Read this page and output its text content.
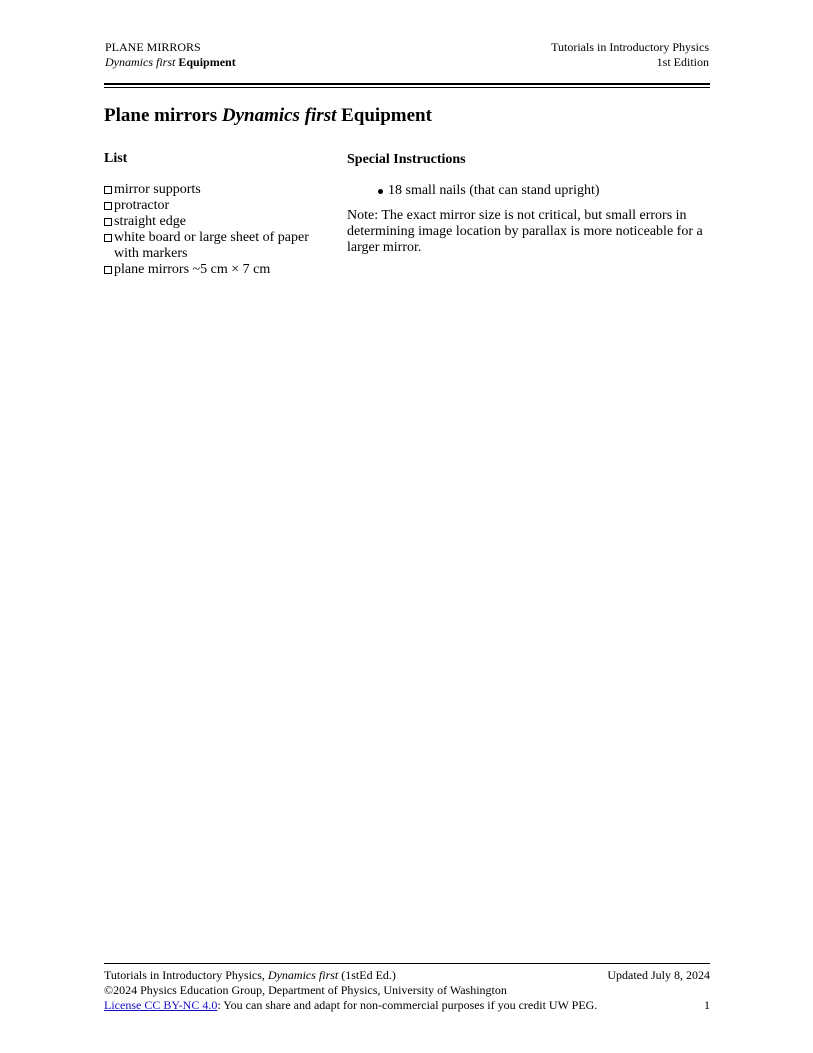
PLANE MIRRORS
Dynamics first Equipment
Tutorials in Introductory Physics
1st Edition
Plane mirrors Dynamics first Equipment
List
mirror supports
protractor
straight edge
white board or large sheet of paper with markers
plane mirrors ~5 cm × 7 cm
Special Instructions
18 small nails (that can stand upright)

Note: The exact mirror size is not critical, but small errors in determining image location by parallax is more noticeable for a larger mirror.

Tutorials in Introductory Physics, Dynamics first (1stEd Ed.)	Updated July 8, 2024
©2024 Physics Education Group, Department of Physics, University of Washington
License CC BY-NC 4.0: You can share and adapt for non-commercial purposes if you credit UW PEG.	1
